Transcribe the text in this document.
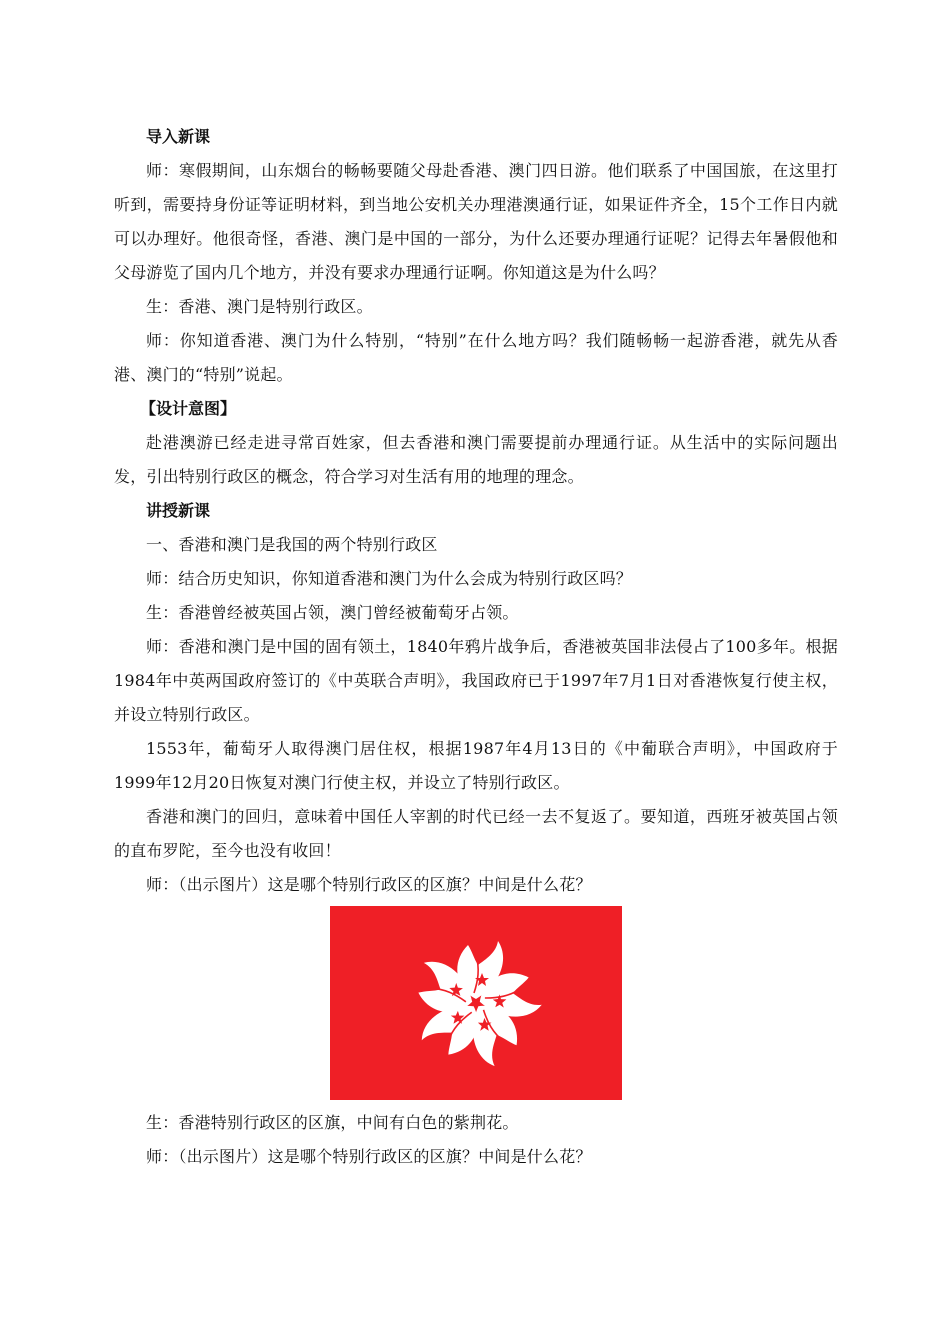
导入新课

师：寒假期间，山东烟台的畅畅要随父母赴香港、澳门四日游。他们联系了中国国旅，在这里打听到，需要持身份证等证明材料，到当地公安机关办理港澳通行证，如果证件齐全，15个工作日内就可以办理好。他很奇怪，香港、澳门是中国的一部分，为什么还要办理通行证呢？记得去年暑假他和父母游览了国内几个地方，并没有要求办理通行证啊。你知道这是为什么吗？

生：香港、澳门是特别行政区。

师：你知道香港、澳门为什么特别，“特别”在什么地方吗？我们随畅畅一起游香港，就先从香港、澳门的“特别”说起。

【设计意图】

赴港澳游已经走进寻常百姓家，但去香港和澳门需要提前办理通行证。从生活中的实际问题出发，引出特别行政区的概念，符合学习对生活有用的地理的理念。

讲授新课

一、香港和澳门是我国的两个特别行政区

师：结合历史知识，你知道香港和澳门为什么会成为特别行政区吗？

生：香港曾经被英国占领，澳门曾经被葡萄牙占领。

师：香港和澳门是中国的固有领土，1840年鸦片战争后，香港被英国非法侵占了100多年。根据1984年中英两国政府签订的《中英联合声明》，我国政府已于1997年7月1日对香港恢复行使主权，并设立特别行政区。

1553年，葡萄牙人取得澳门居住权，根据1987年4月13日的《中葡联合声明》，中国政府于1999年12月20日恢复对澳门行使主权，并设立了特别行政区。

香港和澳门的回归，意味着中国任人宰割的时代已经一去不复返了。要知道，西班牙被英国占领的直布罗陀，至今也没有收回！

师：（出示图片）这是哪个特别行政区的区旗？中间是什么花？

生：香港特别行政区的区旗，中间有白色的紫荆花。

师：（出示图片）这是哪个特别行政区的区旗？中间是什么花？
